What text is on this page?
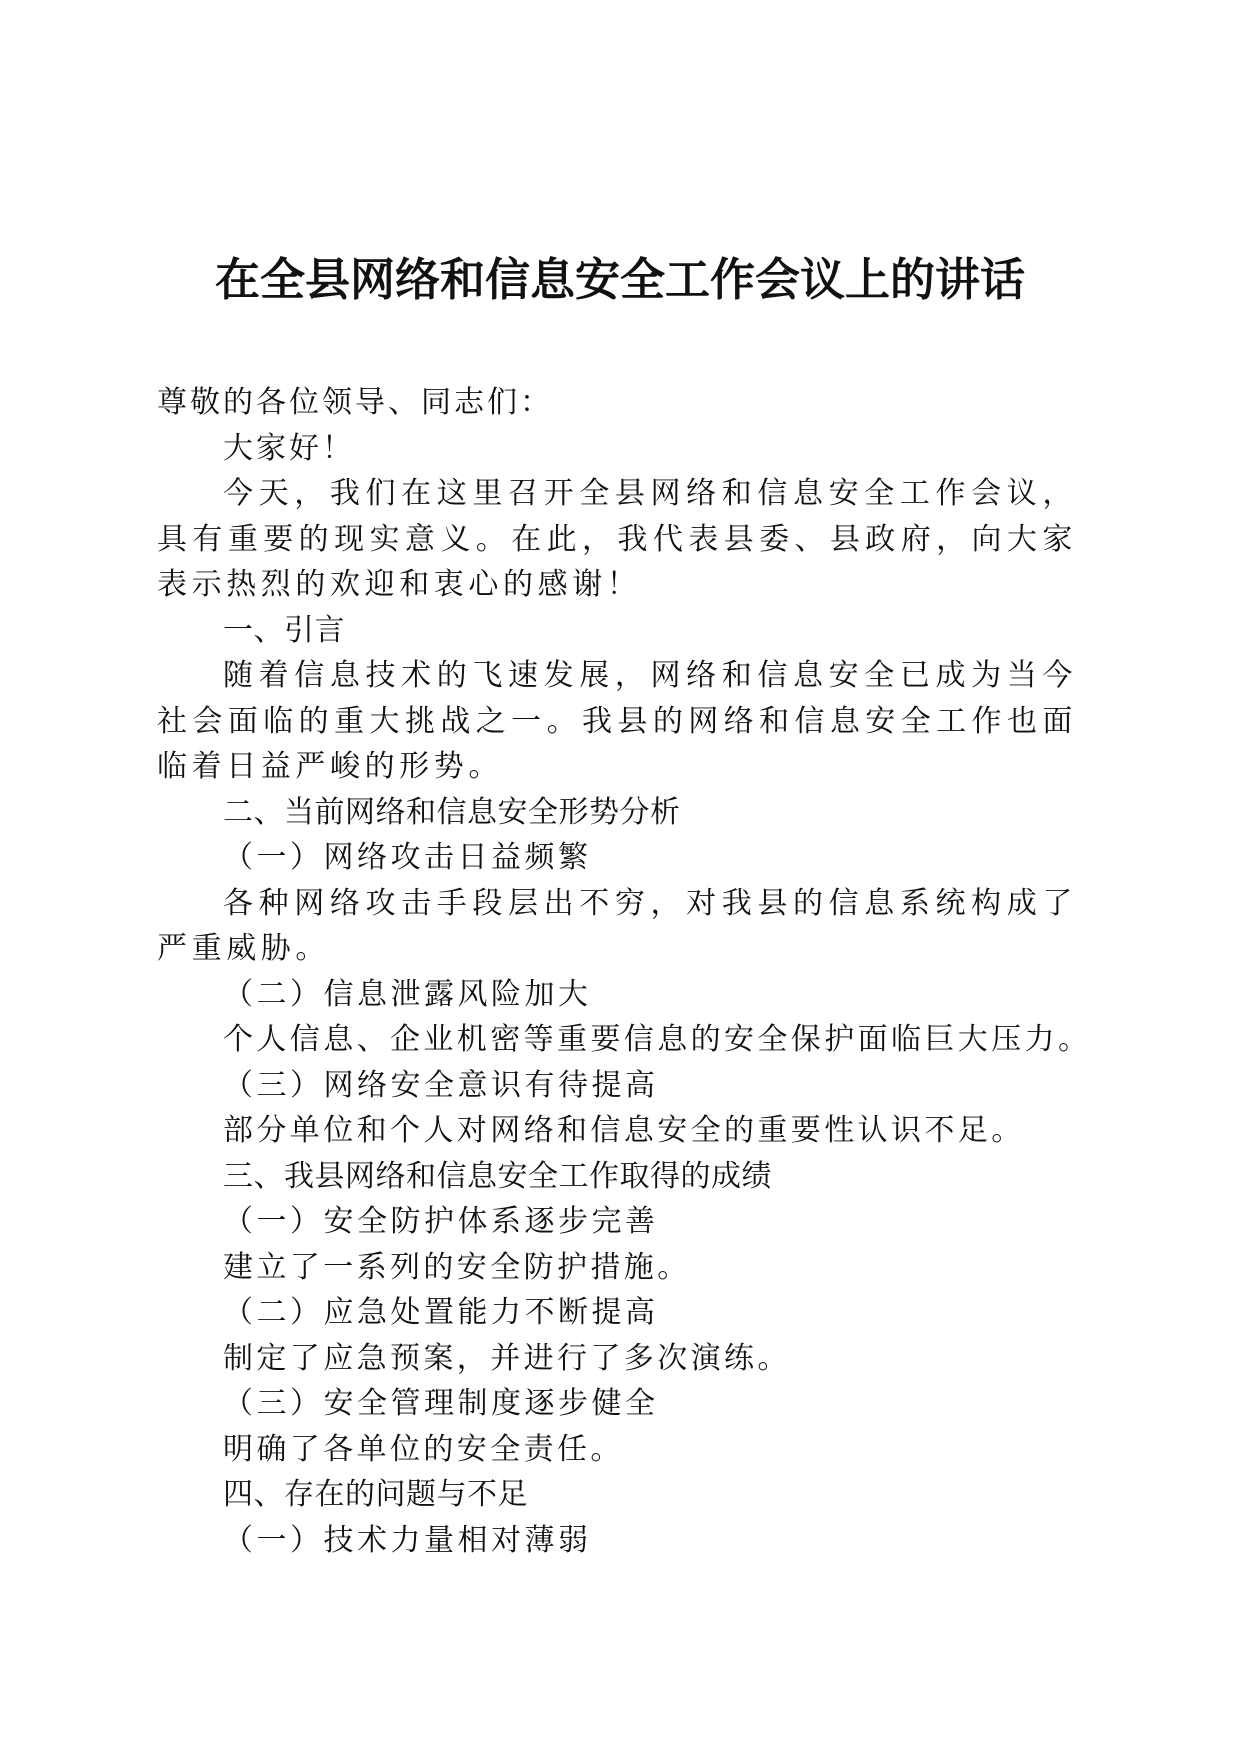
在全县网络和信息安全工作会议上的讲话
尊敬的各位领导、同志们：
大家好！
今天，我们在这里召开全县网络和信息安全工作会议，具有重要的现实意义。在此，我代表县委、县政府，向大家表示热烈的欢迎和衷心的感谢！
一、引言
随着信息技术的飞速发展，网络和信息安全已成为当今社会面临的重大挑战之一。我县的网络和信息安全工作也面临着日益严峻的形势。
二、当前网络和信息安全形势分析
（一）网络攻击日益频繁
各种网络攻击手段层出不穷，对我县的信息系统构成了严重威胁。
（二）信息泄露风险加大
个人信息、企业机密等重要信息的安全保护面临巨大压力。
（三）网络安全意识有待提高
部分单位和个人对网络和信息安全的重要性认识不足。
三、我县网络和信息安全工作取得的成绩
（一）安全防护体系逐步完善
建立了一系列的安全防护措施。
（二）应急处置能力不断提高
制定了应急预案，并进行了多次演练。
（三）安全管理制度逐步健全
明确了各单位的安全责任。
四、存在的问题与不足
（一）技术力量相对薄弱
